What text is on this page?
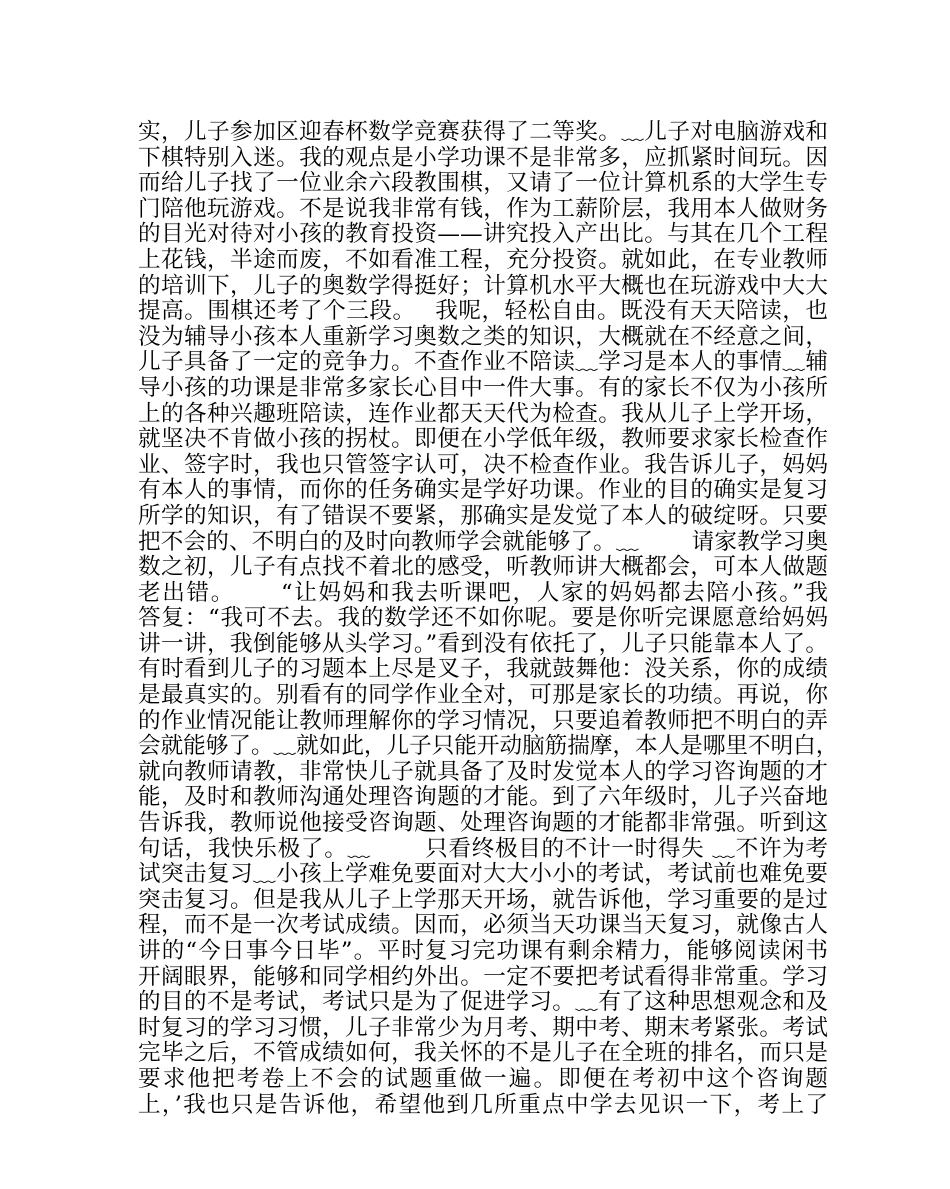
实，儿子参加区迎春杯数学竞赛获得了二等奖。﹏儿子对电脑游戏和
下棋特别入迷。我的观点是小学功课不是非常多，应抓紧时间玩。因
而给儿子找了一位业余六段教围棋，又请了一位计算机系的大学生专
门陪他玩游戏。不是说我非常有钱，作为工薪阶层，我用本人做财务
的目光对待对小孩的教育投资——讲究投入产出比。与其在几个工程
上花钱，半途而废，不如看准工程，充分投资。就如此，在专业教师
的培训下，儿子的奥数学得挺好；计算机水平大概也在玩游戏中大大
提高。围棋还考了个三段。　 我呢，轻松自由。既没有天天陪读，也
没为辅导小孩本人重新学习奥数之类的知识，大概就在不经意之间，
儿子具备了一定的竞争力。不查作业不陪读﹏学习是本人的事情﹏辅
导小孩的功课是非常多家长心目中一件大事。有的家长不仅为小孩所
上的各种兴趣班陪读，连作业都天天代为检查。我从儿子上学开场，
就坚决不肯做小孩的拐杖。即便在小学低年级，教师要求家长检查作
业、签字时，我也只管签字认可，决不检查作业。我告诉儿子，妈妈
有本人的事情，而你的任务确实是学好功课。作业的目的确实是复习
所学的知识，有了错误不要紧，那确实是发觉了本人的破绽呀。只要
把不会的、不明白的及时向教师学会就能够了。﹏　　 请家教学习奥
数之初，儿子有点找不着北的感受，听教师讲大概都会，可本人做题
老出错。　　 “让妈妈和我去听课吧，人家的妈妈都去陪小孩。”我
答复：“我可不去。我的数学还不如你呢。要是你听完课愿意给妈妈
讲一讲，我倒能够从头学习。”看到没有依托了，儿子只能靠本人了。
有时看到儿子的习题本上尽是叉子，我就鼓舞他：没关系，你的成绩
是最真实的。别看有的同学作业全对，可那是家长的功绩。再说，你
的作业情况能让教师理解你的学习情况，只要追着教师把不明白的弄
会就能够了。﹏就如此，儿子只能开动脑筋揣摩，本人是哪里不明白，
就向教师请教，非常快儿子就具备了及时发觉本人的学习咨询题的才
能，及时和教师沟通处理咨询题的才能。到了六年级时，儿子兴奋地
告诉我，教师说他接受咨询题、处理咨询题的才能都非常强。听到这
句话，我快乐极了。﹏　　 只看终极目的不计一时得失 ﹏不许为考
试突击复习﹏小孩上学难免要面对大大小小的考试，考试前也难免要
突击复习。但是我从儿子上学那天开场，就告诉他，学习重要的是过
程，而不是一次考试成绩。因而，必须当天功课当天复习，就像古人
讲的“今日事今日毕”。平时复习完功课有剩余精力，能够阅读闲书
开阔眼界，能够和同学相约外出。一定不要把考试看得非常重。学习
的目的不是考试，考试只是为了促进学习。﹏有了这种思想观念和及
时复习的学习习惯，儿子非常少为月考、期中考、期末考紧张。考试
完毕之后，不管成绩如何，我关怀的不是儿子在全班的排名，而只是
要求他把考卷上不会的试题重做一遍。即便在考初中这个咨询题
上，’我也只是告诉他，希望他到几所重点中学去见识一下，考上了
